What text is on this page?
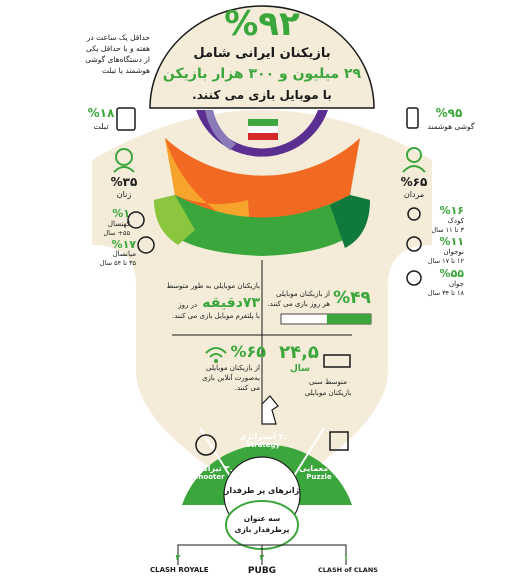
%۹۲
بازیکنان ایرانی شامل
۲۹ میلیون و ۳۰۰ هزار بازیکن
با موبایل بازی می کنند.
حداقل یک ساعت در
هفته و با حداقل یکی
از دستگاه‌های گوشی
هوشمند یا تبلت
%۱۸
تبلت
%۹۵
گوشی هوشمند
%۳۵
زنان
%۶۵
مردان
%۱
کهنسال
۵۵+ سال
%۱۷
میانسال
۳۵ تا ۵۴ سال
%۱۶
کودک
۳ تا ۱۱ سال
%۱۱
نوجوان
۱۲ تا ۱۷ سال
%۵۵
جوان
۱۸ تا ۳۴ سال
بازیکنان موبایلی به طور متوسط
۷۳دقیقه در روز
با پلتفرم موبایل بازی می کنند.
%۴۹
از بازیکنان موبایلی
هر روز بازی می کنند.
%۶۵
از بازیکنان موبایلی
به‌صورت آنلاین بازی
می کنند.
۲۴,۵
سال
متوسط سنی
بازیکنان موبایلی
.۲ استراتژی
Strategy
.۳ تیراندازی
Shooter
.۱ معمایی
Puzzle
ژانرهای پر طرفدار
سه عنوان
پرطرفدار بازی
۳
CLASH ROYALE
۲
PUBG
۱
CLASH of CLANS
